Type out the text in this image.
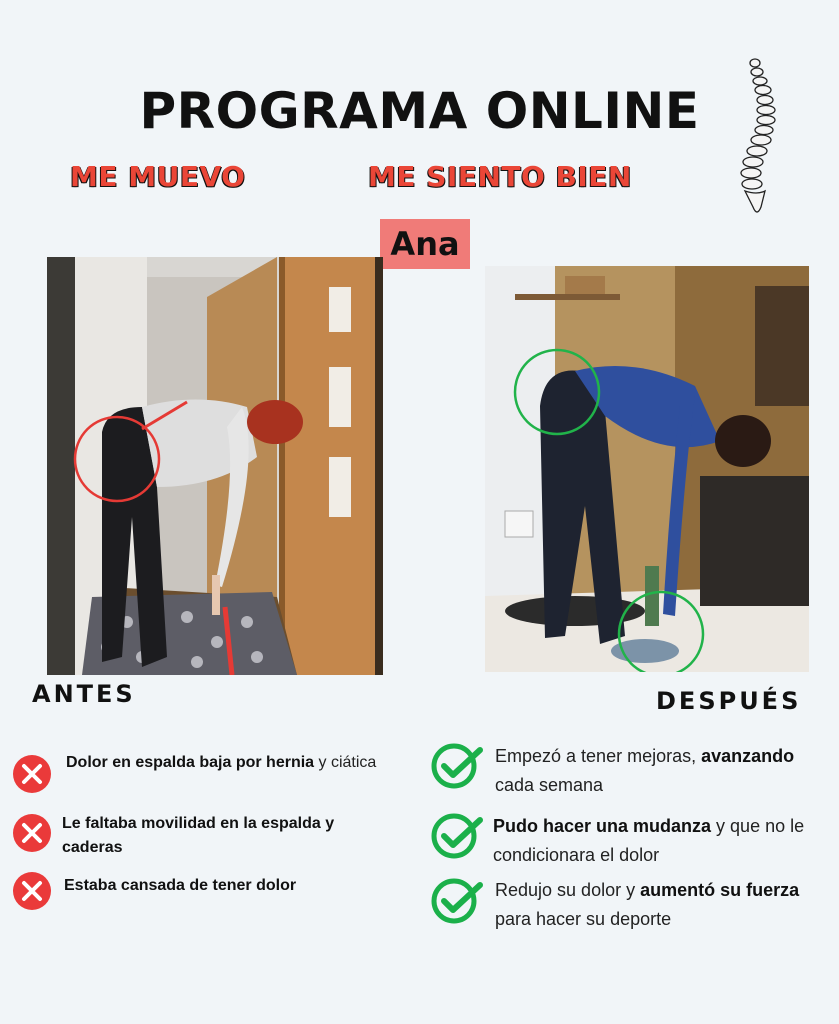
PROGRAMA ONLINE
ME MUEVO	ME SIENTO BIEN
Ana
ANTES	DESPUÉS
Dolor en espalda baja por hernia y ciática
Le faltaba movilidad en la espalda y caderas
Estaba cansada de tener dolor
Empezó a tener mejoras, avanzando cada semana
Pudo hacer una mudanza y que no le condicionara el dolor
Redujo su dolor y aumentó su fuerza para hacer su deporte
